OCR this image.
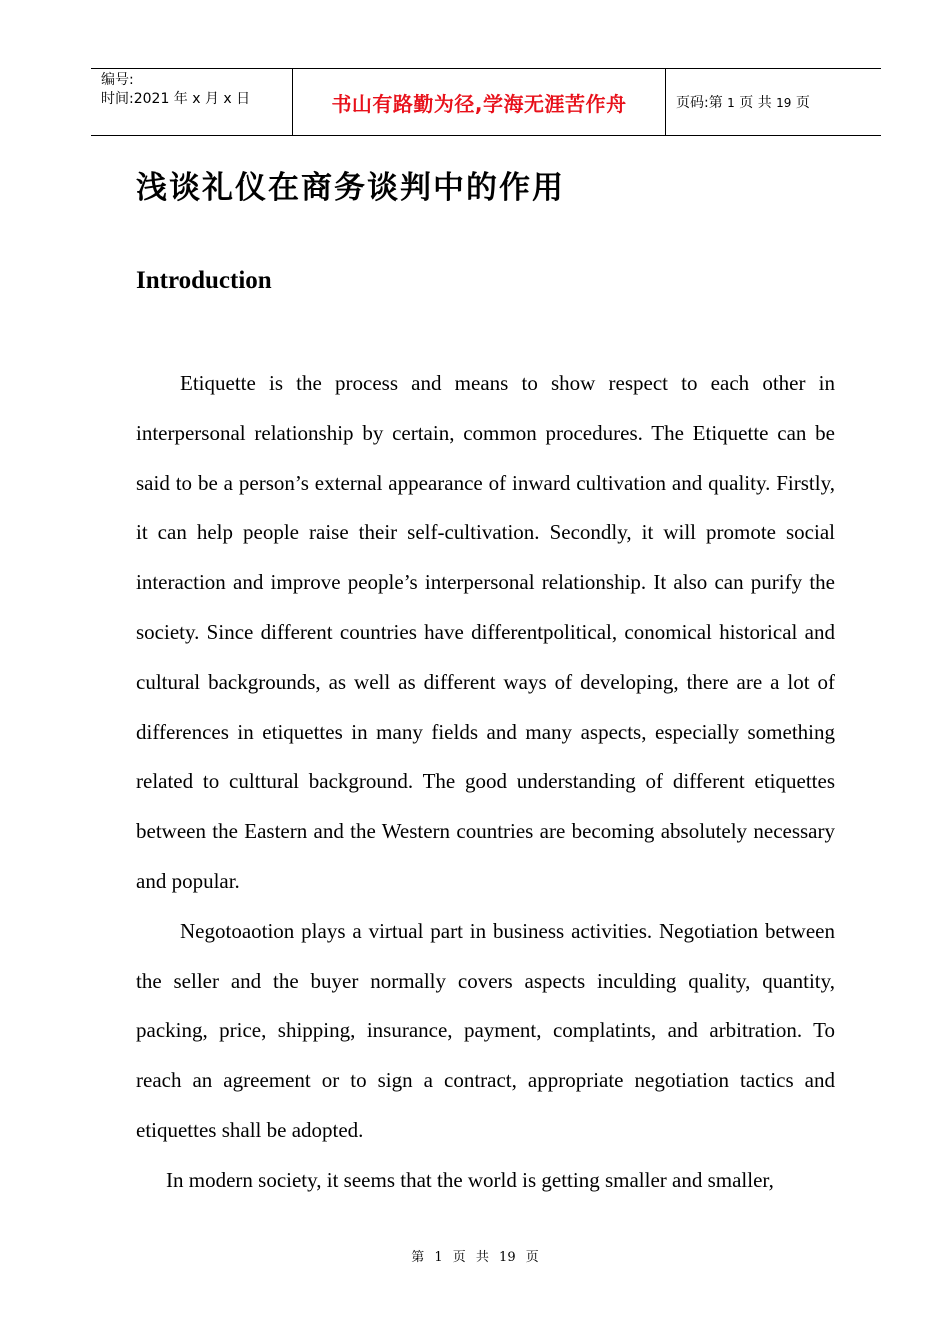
编号:
时间:2021 年 x 月 x 日	书山有路勤为径,学海无涯苦作舟	页码:第 1 页 共 19 页
浅谈礼仪在商务谈判中的作用
Introduction

Etiquette is the process and means to show respect to each other in interpersonal relationship by certain, common procedures. The Etiquette can be said to be a person’s external appearance of inward cultivation and quality. Firstly, it can help people raise their self-cultivation. Secondly, it will promote social interaction and improve people’s interpersonal relationship. It also can purify the society. Since different countries have differentpolitical, conomical historical and cultural backgrounds, as well as different ways of developing, there are a lot of differences in etiquettes in many fields and many aspects, especially something related to culttural background. The good understanding of different etiquettes between the Eastern and the Western countries are becoming absolutely necessary and popular.

Negotoaotion plays a virtual part in business activities. Negotiation between the seller and the buyer normally covers aspects inculding quality, quantity, packing, price, shipping, insurance, payment, complatints, and arbitration. To reach an agreement or to sign a contract, appropriate negotiation tactics and etiquettes shall be adopted.

In modern society, it seems that the world is getting smaller and smaller,

第 1 页 共 19 页
